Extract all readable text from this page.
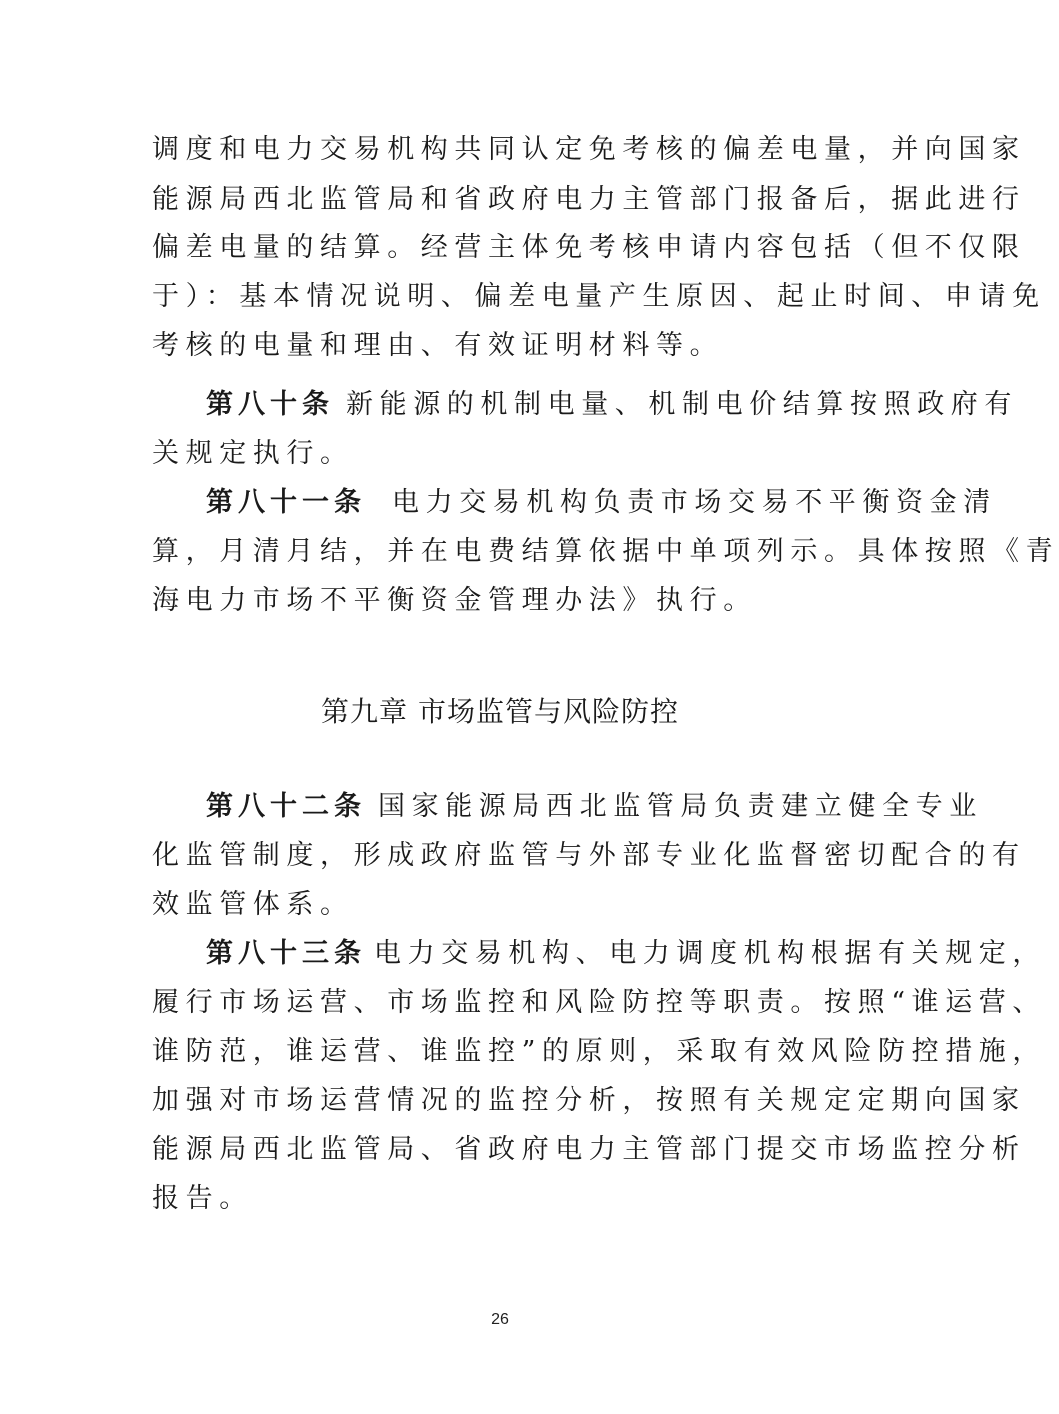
调度和电力交易机构共同认定免考核的偏差电量，并向国家
能源局西北监管局和省政府电力主管部门报备后，据此进行
偏差电量的结算。经营主体免考核申请内容包括（但不仅限
于）：基本情况说明、偏差电量产生原因、起止时间、申请免
考核的电量和理由、有效证明材料等。
第八十条 新能源的机制电量、机制电价结算按照政府有
关规定执行。
第八十一条 电力交易机构负责市场交易不平衡资金清
算，月清月结，并在电费结算依据中单项列示。具体按照《青
海电力市场不平衡资金管理办法》执行。
第九章 市场监管与风险防控
第八十二条 国家能源局西北监管局负责建立健全专业
化监管制度，形成政府监管与外部专业化监督密切配合的有
效监管体系。
第八十三条 电力交易机构、电力调度机构根据有关规定，
履行市场运营、市场监控和风险防控等职责。按照“谁运营、
谁防范，谁运营、谁监控”的原则，采取有效风险防控措施，
加强对市场运营情况的监控分析，按照有关规定定期向国家
能源局西北监管局、省政府电力主管部门提交市场监控分析
报告。
26
